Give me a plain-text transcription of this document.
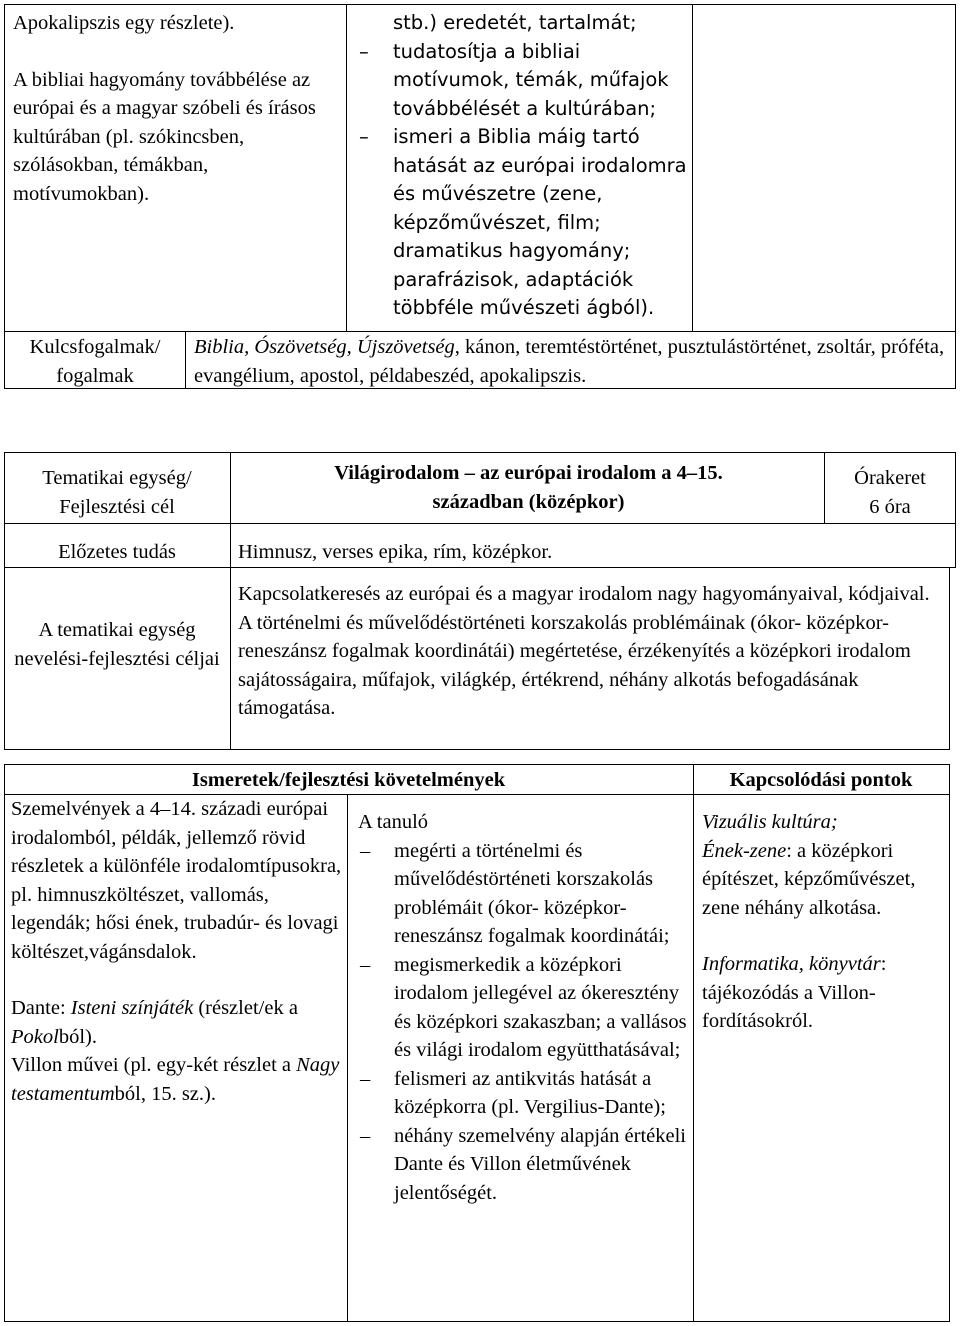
Apokalipszis egy részlete).

A bibliai hagyomány továbbélése az európai és a magyar szóbeli és írásos kultúrában (pl. szókincsben, szólásokban, témákban, motívumokban).

stb.) eredetét, tartalmát;

– tudatosítja a bibliai motívumok, témák, műfajok továbbélését a kultúrában;
– ismeri a Biblia máig tartó hatását az európai irodalomra és művészetre (zene, képzőművészet, film; dramatikus hagyomány; parafrázisok, adaptációk többféle művészeti ágból).
Kulcsfogalmak/ fogalmak
Biblia, Ószövetség, Újszövetség, kánon, teremtéstörténet, pusztulástörténet, zsoltár, próféta, evangélium, apostol, példabeszéd, apokalipszis.
Tematikai egység/ Fejlesztési cél
Világirodalom – az európai irodalom a 4–15. században (középkor)

Órakeret

6 óra

Előzetes tudás	Himnusz, verses epika, rím, középkor.
A tematikai egység nevelési-fejlesztési céljai
Kapcsolatkeresés az európai és a magyar irodalom nagy hagyományaival, kódjaival. A történelmi és művelődéstörténeti korszakolás problémáinak (ókor- középkor- reneszánsz fogalmak koordinátái) megértetése, érzékenyítés a középkori irodalom sajátosságaira, műfajok, világkép, értékrend, néhány alkotás befogadásának támogatása.
Ismeretek/fejlesztési követelmények	Kapcsolódási pontok

Szemelvények a 4–14. századi európai irodalomból, példák, jellemző rövid részletek a különféle irodalomtípusokra, pl. himnuszköltészet, vallomás, legendák; hősi ének, trubadúr- és lovagi költészet,vágánsdalok.

Dante: Isteni színjáték (részlet/ek a Pokolból).

Villon művei (pl. egy-két részlet a Nagy testamentumból, 15. sz.).

A tanuló

– megérti a történelmi és művelődéstörténeti korszakolás problémáit (ókor- középkor- reneszánsz fogalmak koordinátái;
– megismerkedik a középkori irodalom jellegével az ókeresztény és középkori szakaszban; a vallásos és világi irodalom együtthatásával;
– felismeri az antikvitás hatását a középkorra (pl. Vergilius-Dante);
– néhány szemelvény alapján értékeli Dante és Villon életművének jelentőségét.

Vizuális kultúra;

Ének-zene: a középkori építészet, képzőművészet, zene néhány alkotása.

Informatika, könyvtár: tájékozódás a Villon-fordításokról.
